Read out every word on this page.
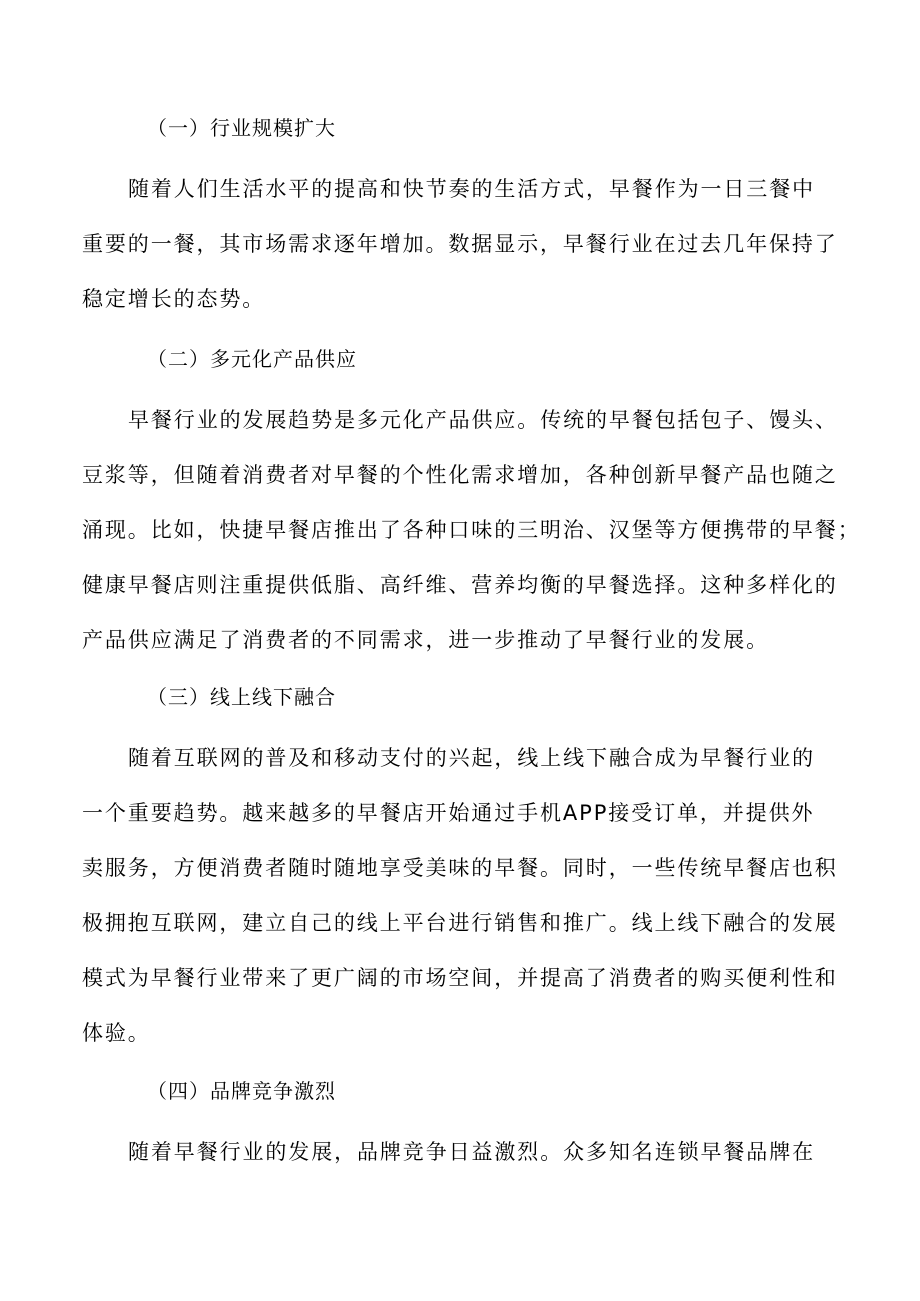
（一）行业规模扩大
随着人们生活水平的提高和快节奏的生活方式，早餐作为一日三餐中
重要的一餐，其市场需求逐年增加。数据显示，早餐行业在过去几年保持了
稳定增长的态势。
（二）多元化产品供应
早餐行业的发展趋势是多元化产品供应。传统的早餐包括包子、馒头、
豆浆等，但随着消费者对早餐的个性化需求增加，各种创新早餐产品也随之
涌现。比如，快捷早餐店推出了各种口味的三明治、汉堡等方便携带的早餐；
健康早餐店则注重提供低脂、高纤维、营养均衡的早餐选择。这种多样化的
产品供应满足了消费者的不同需求，进一步推动了早餐行业的发展。
（三）线上线下融合
随着互联网的普及和移动支付的兴起，线上线下融合成为早餐行业的
一个重要趋势。越来越多的早餐店开始通过手机APP接受订单，并提供外
卖服务，方便消费者随时随地享受美味的早餐。同时，一些传统早餐店也积
极拥抱互联网，建立自己的线上平台进行销售和推广。线上线下融合的发展
模式为早餐行业带来了更广阔的市场空间，并提高了消费者的购买便利性和
体验。
（四）品牌竞争激烈
随着早餐行业的发展，品牌竞争日益激烈。众多知名连锁早餐品牌在
